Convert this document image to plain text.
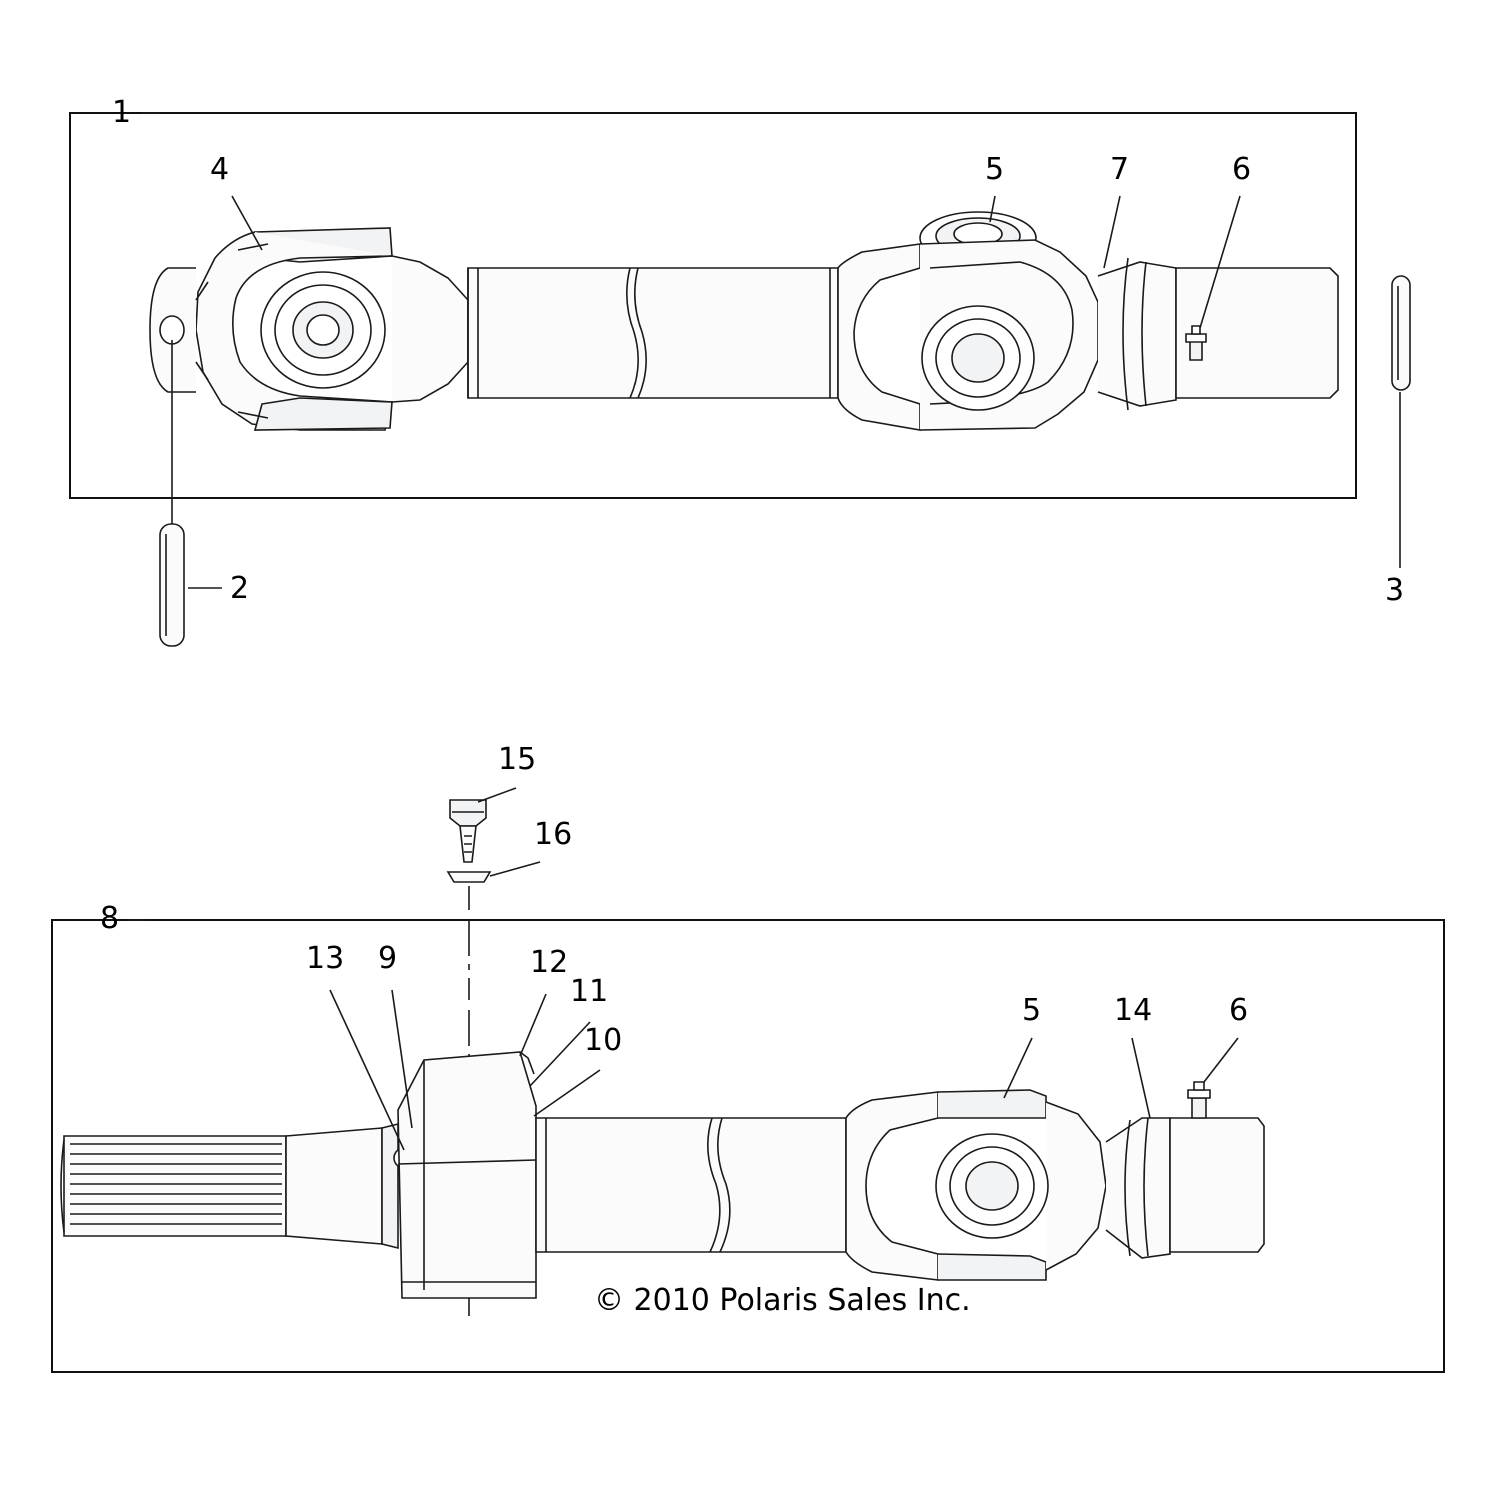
1
4	5	7	6
2	3
15
16
8
13 9	12
11
10
5 14	6
© 2010 Polaris Sales Inc.
